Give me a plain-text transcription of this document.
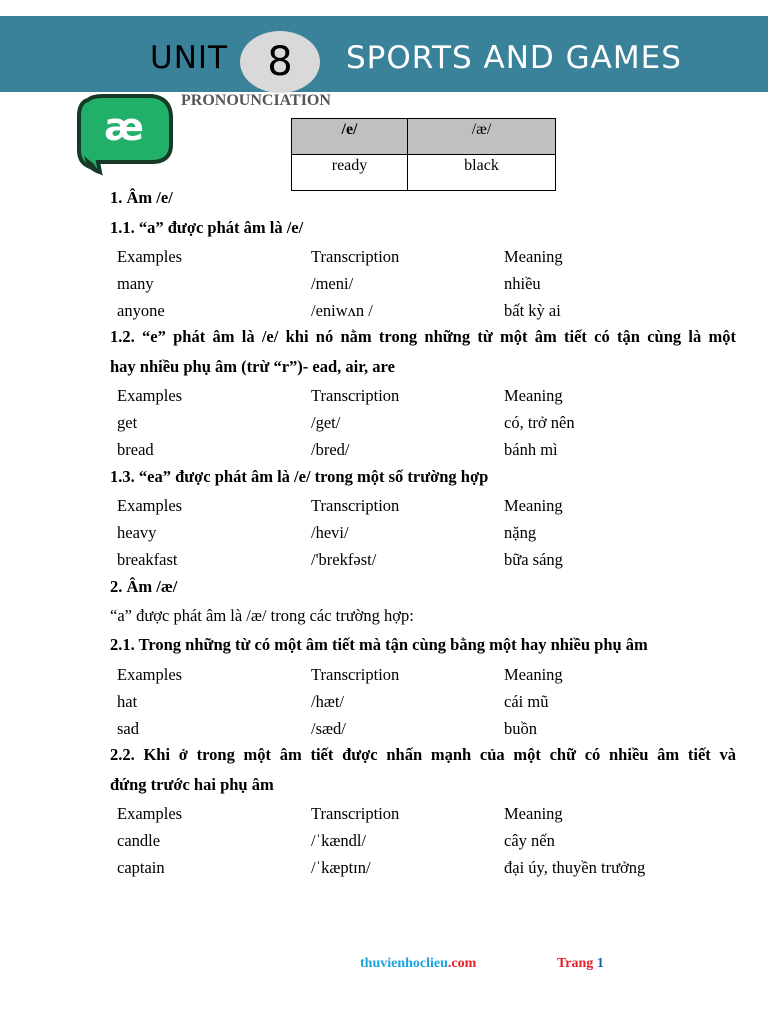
UNIT 8 SPORTS AND GAMES
æ
PRONOUNCIATION
/e/	/æ/
ready	black
1. Âm /e/
1.1. “a” được phát âm là /e/
Examples	Transcription	Meaning
many	/meni/	nhiều
anyone	/eniwʌn /	bất kỳ ai
1.2. “e” phát âm là /e/ khi nó nằm trong những từ một âm tiết có tận cùng là một
hay nhiều phụ âm (trừ “r”)- ead, air, are
Examples	Transcription	Meaning
get	/get/	có, trở nên
bread	/bred/	bánh mì
1.3. “ea” được phát âm là /e/ trong một số trường hợp
Examples	Transcription	Meaning
heavy	/hevi/	nặng
breakfast	/'brekfəst/	bữa sáng
2. Âm /æ/
“a” được phát âm là /æ/ trong các trường hợp:
2.1. Trong những từ có một âm tiết mà tận cùng bằng một hay nhiều phụ âm
Examples	Transcription	Meaning
hat	/hæt/	cái mũ
sad	/sæd/	buồn
2.2. Khi ở trong một âm tiết được nhấn mạnh của một chữ có nhiều âm tiết và
đứng trước hai phụ âm
Examples	Transcription	Meaning
candle	/ˈkændl/	cây nến
captain	/ˈkæptɪn/	đại úy, thuyền trưởng
thuvienhoclieu.com	Trang 1
